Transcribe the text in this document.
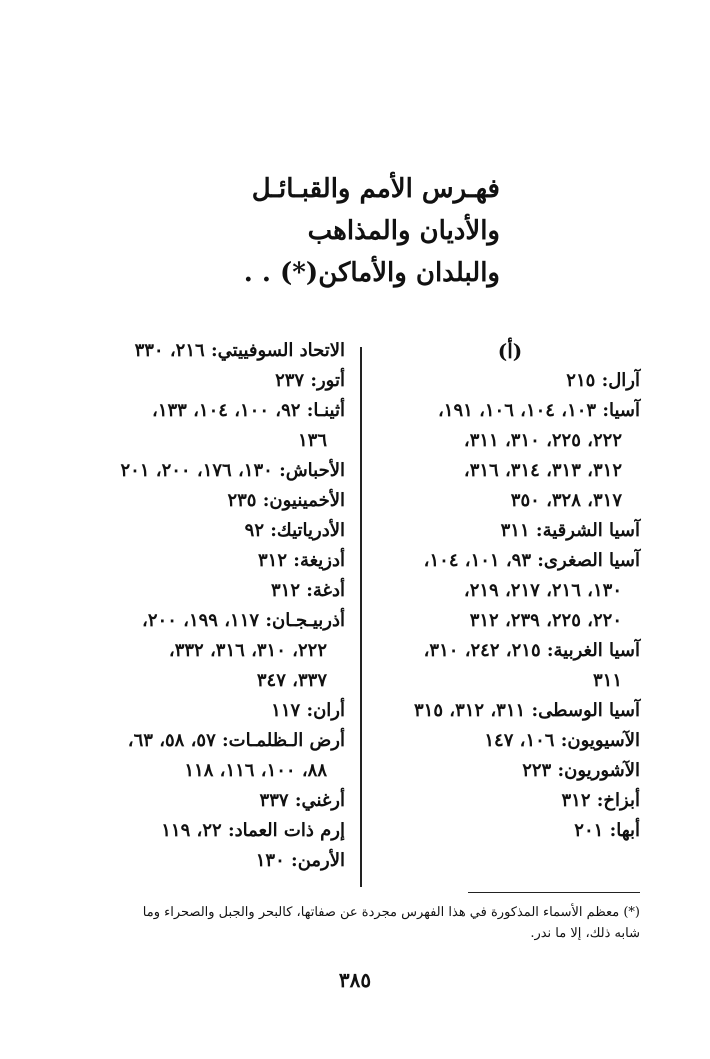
فهـرس الأمم والقبـائـل
والأديان والمذاهب
والبلدان والأماكن(*) . .
(أ)
آرال: ٢١٥
آسيا: ١٠٣، ١٠٤، ١٠٦، ١٩١،
٢٢٢، ٢٢٥، ٣١٠، ٣١١،
٣١٢، ٣١٣، ٣١٤، ٣١٦،
٣١٧، ٣٢٨، ٣٥٠
آسيا الشرقية: ٣١١
آسيا الصغرى: ٩٣، ١٠١، ١٠٤،
١٣٠، ٢١٦، ٢١٧، ٢١٩،
٢٢٠، ٢٢٥، ٢٣٩، ٣١٢
آسيا الغربية: ٢١٥، ٢٤٢، ٣١٠،
٣١١
آسيا الوسطى: ٣١١، ٣١٢، ٣١٥
الآسيويون: ١٠٦، ١٤٧
الآشوريون: ٢٢٣
أبزاخ: ٣١٢
أبها: ٢٠١
الاتحاد السوفييتي: ٢١٦، ٣٣٠
أتور: ٢٣٧
أثينـا: ٩٢، ١٠٠، ١٠٤، ١٣٣،
١٣٦
الأحباش: ١٣٠، ١٧٦، ٢٠٠، ٢٠١
الأخمينيون: ٢٣٥
الأدرياتيك: ٩٢
أدزيغة: ٣١٢
أدغة: ٣١٢
أذربيـجـان: ١١٧، ١٩٩، ٢٠٠،
٢٢٢، ٣١٠، ٣١٦، ٣٣٢،
٣٣٧، ٣٤٧
أران: ١١٧
أرض الـظلمـات: ٥٧، ٥٨، ٦٣،
٨٨، ١٠٠، ١١٦، ١١٨
أرغني: ٣٣٧
إرم ذات العماد: ٢٢، ١١٩
الأرمن: ١٣٠
(*) معظم الأسماء المذكورة في هذا الفهرس مجردة عن صفاتها، كالبحر والجبل والصحراء وما
شابه ذلك، إلا ما ندر.
٣٨٥
